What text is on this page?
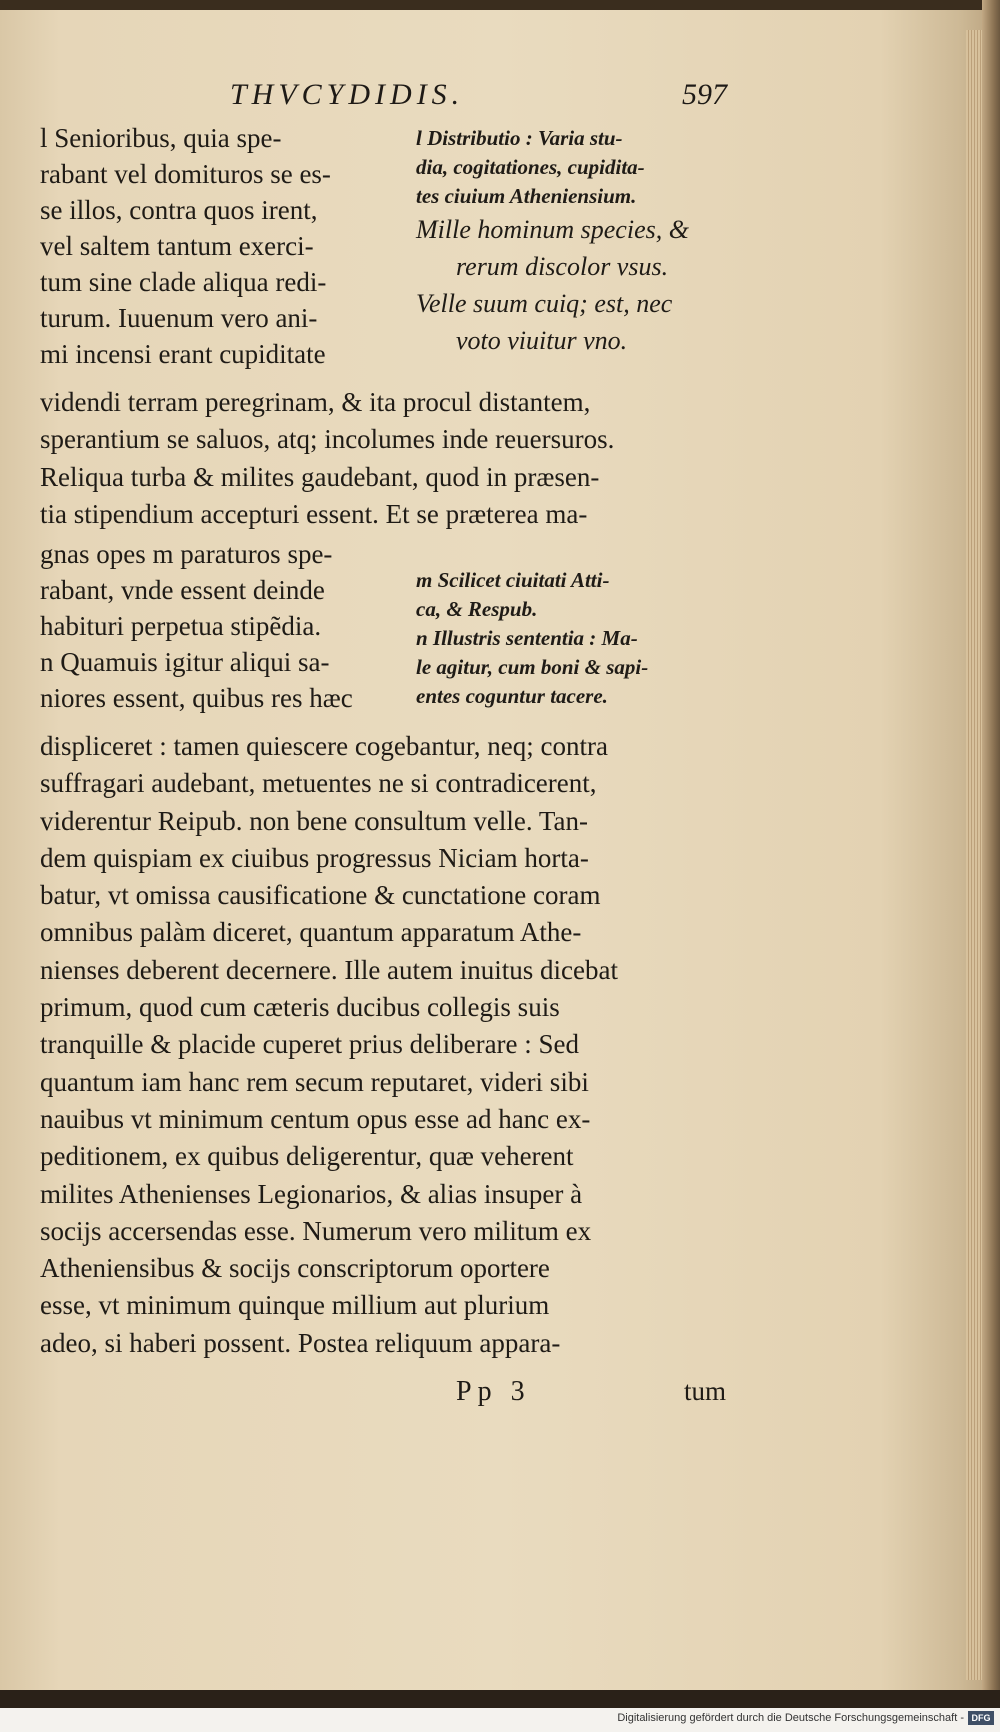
THVCYDIDIS.	597
l Senioribus, quia spe-
rabant vel domituros se es-
se illos, contra quos irent,
vel saltem tantum exerci-
tum sine clade aliqua redi-
turum. Iuuenum vero ani-
mi incensi erant cupiditate
l Distributio : Varia stu-
dia, cogitationes, cupidita-
tes ciuium Atheniensium.
Mille hominum species, &
rerum discolor vsus.
Velle suum cuiq; est, nec
voto viuitur vno.
videndi terram peregrinam, & ita procul distantem,
sperantium se saluos, atq; incolumes inde reuersuros.
Reliqua turba & milites gaudebant, quod in præsen-
tia stipendium accepturi essent. Et se præterea ma-
gnas opes m paraturos spe-
rabant, vnde essent deinde
habituri perpetua stipẽdia.
n Quamuis igitur aliqui sa-
niores essent, quibus res hæc
m Scilicet ciuitati Atti-
ca, & Respub.
n Illustris sententia : Ma-
le agitur, cum boni & sapi-
entes coguntur tacere.
displiceret : tamen quiescere cogebantur, neq; contra
suffragari audebant, metuentes ne si contradicerent,
viderentur Reipub. non bene consultum velle. Tan-
dem quispiam ex ciuibus progressus Niciam horta-
batur, vt omissa causificatione & cunctatione coram
omnibus palàm diceret, quantum apparatum Athe-
nienses deberent decernere. Ille autem inuitus dicebat
primum, quod cum cæteris ducibus collegis suis
tranquille & placide cuperet prius deliberare : Sed
quantum iam hanc rem secum reputaret, videri sibi
nauibus vt minimum centum opus esse ad hanc ex-
peditionem, ex quibus deligerentur, quæ veherent
milites Athenienses Legionarios, & alias insuper à
socijs accersendas esse. Numerum vero militum ex
Atheniensibus & socijs conscriptorum oportere
esse, vt minimum quinque millium aut plurium
adeo, si haberi possent. Postea reliquum appara-
Pp 3	tum
Digitalisierung gefördert durch die Deutsche Forschungsgemeinschaft - DFG
